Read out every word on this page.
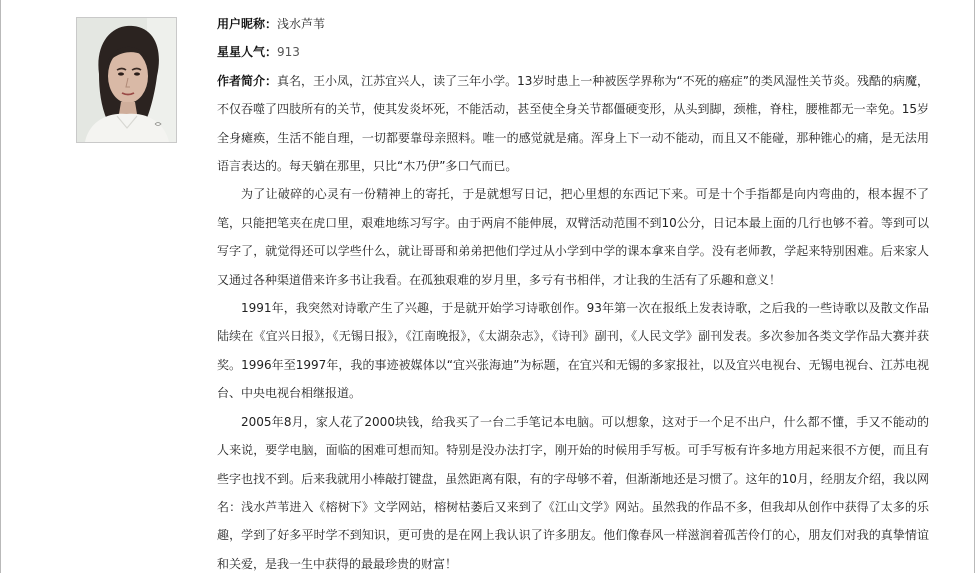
用户昵称：浅水芦苇

星星人气：913

作者简介：真名，王小凤，江苏宜兴人，读了三年小学。13岁时患上一种被医学界称为“不死的癌症”的类风湿性关节炎。残酷的病魔，不仅吞噬了四肢所有的关节，使其发炎坏死，不能活动，甚至使全身关节都僵硬变形，从头到脚，颈椎，脊柱，腰椎都无一幸免。15岁全身瘫痪，生活不能自理，一切都要靠母亲照料。唯一的感觉就是痛。浑身上下一动不能动，而且又不能碰，那种锥心的痛，是无法用语言表达的。每天躺在那里，只比“木乃伊”多口气而已。

为了让破碎的心灵有一份精神上的寄托，于是就想写日记，把心里想的东西记下来。可是十个手指都是向内弯曲的，根本握不了笔，只能把笔夹在虎口里，艰难地练习写字。由于两肩不能伸展，双臂活动范围不到10公分，日记本最上面的几行也够不着。等到可以写字了，就觉得还可以学些什么，就让哥哥和弟弟把他们学过从小学到中学的课本拿来自学。没有老师教，学起来特别困难。后来家人又通过各种渠道借来许多书让我看。在孤独艰难的岁月里，多亏有书相伴，才让我的生活有了乐趣和意义！

1991年，我突然对诗歌产生了兴趣，于是就开始学习诗歌创作。93年第一次在报纸上发表诗歌，之后我的一些诗歌以及散文作品陆续在《宜兴日报》，《无锡日报》，《江南晚报》，《太湖杂志》，《诗刊》副刊，《人民文学》副刊发表。多次参加各类文学作品大赛并获奖。1996年至1997年，我的事迹被媒体以“宜兴张海迪”为标题，在宜兴和无锡的多家报社，以及宜兴电视台、无锡电视台、江苏电视台、中央电视台相继报道。

2005年8月，家人花了2000块钱，给我买了一台二手笔记本电脑。可以想象，这对于一个足不出户，什么都不懂，手又不能动的人来说，要学电脑，面临的困难可想而知。特别是没办法打字，刚开始的时候用手写板。可手写板有许多地方用起来很不方便，而且有些字也找不到。后来我就用小棒敲打键盘，虽然距离有限，有的字母够不着，但渐渐地还是习惯了。这年的10月，经朋友介绍，我以网名：浅水芦苇进入《榕树下》文学网站，榕树枯萎后又来到了《江山文学》网站。虽然我的作品不多，但我却从创作中获得了太多的乐趣，学到了好多平时学不到知识，更可贵的是在网上我认识了许多朋友。他们像春风一样滋润着孤苦伶仃的心，朋友们对我的真挚情谊和关爱，是我一生中获得的最最珍贵的财富！
